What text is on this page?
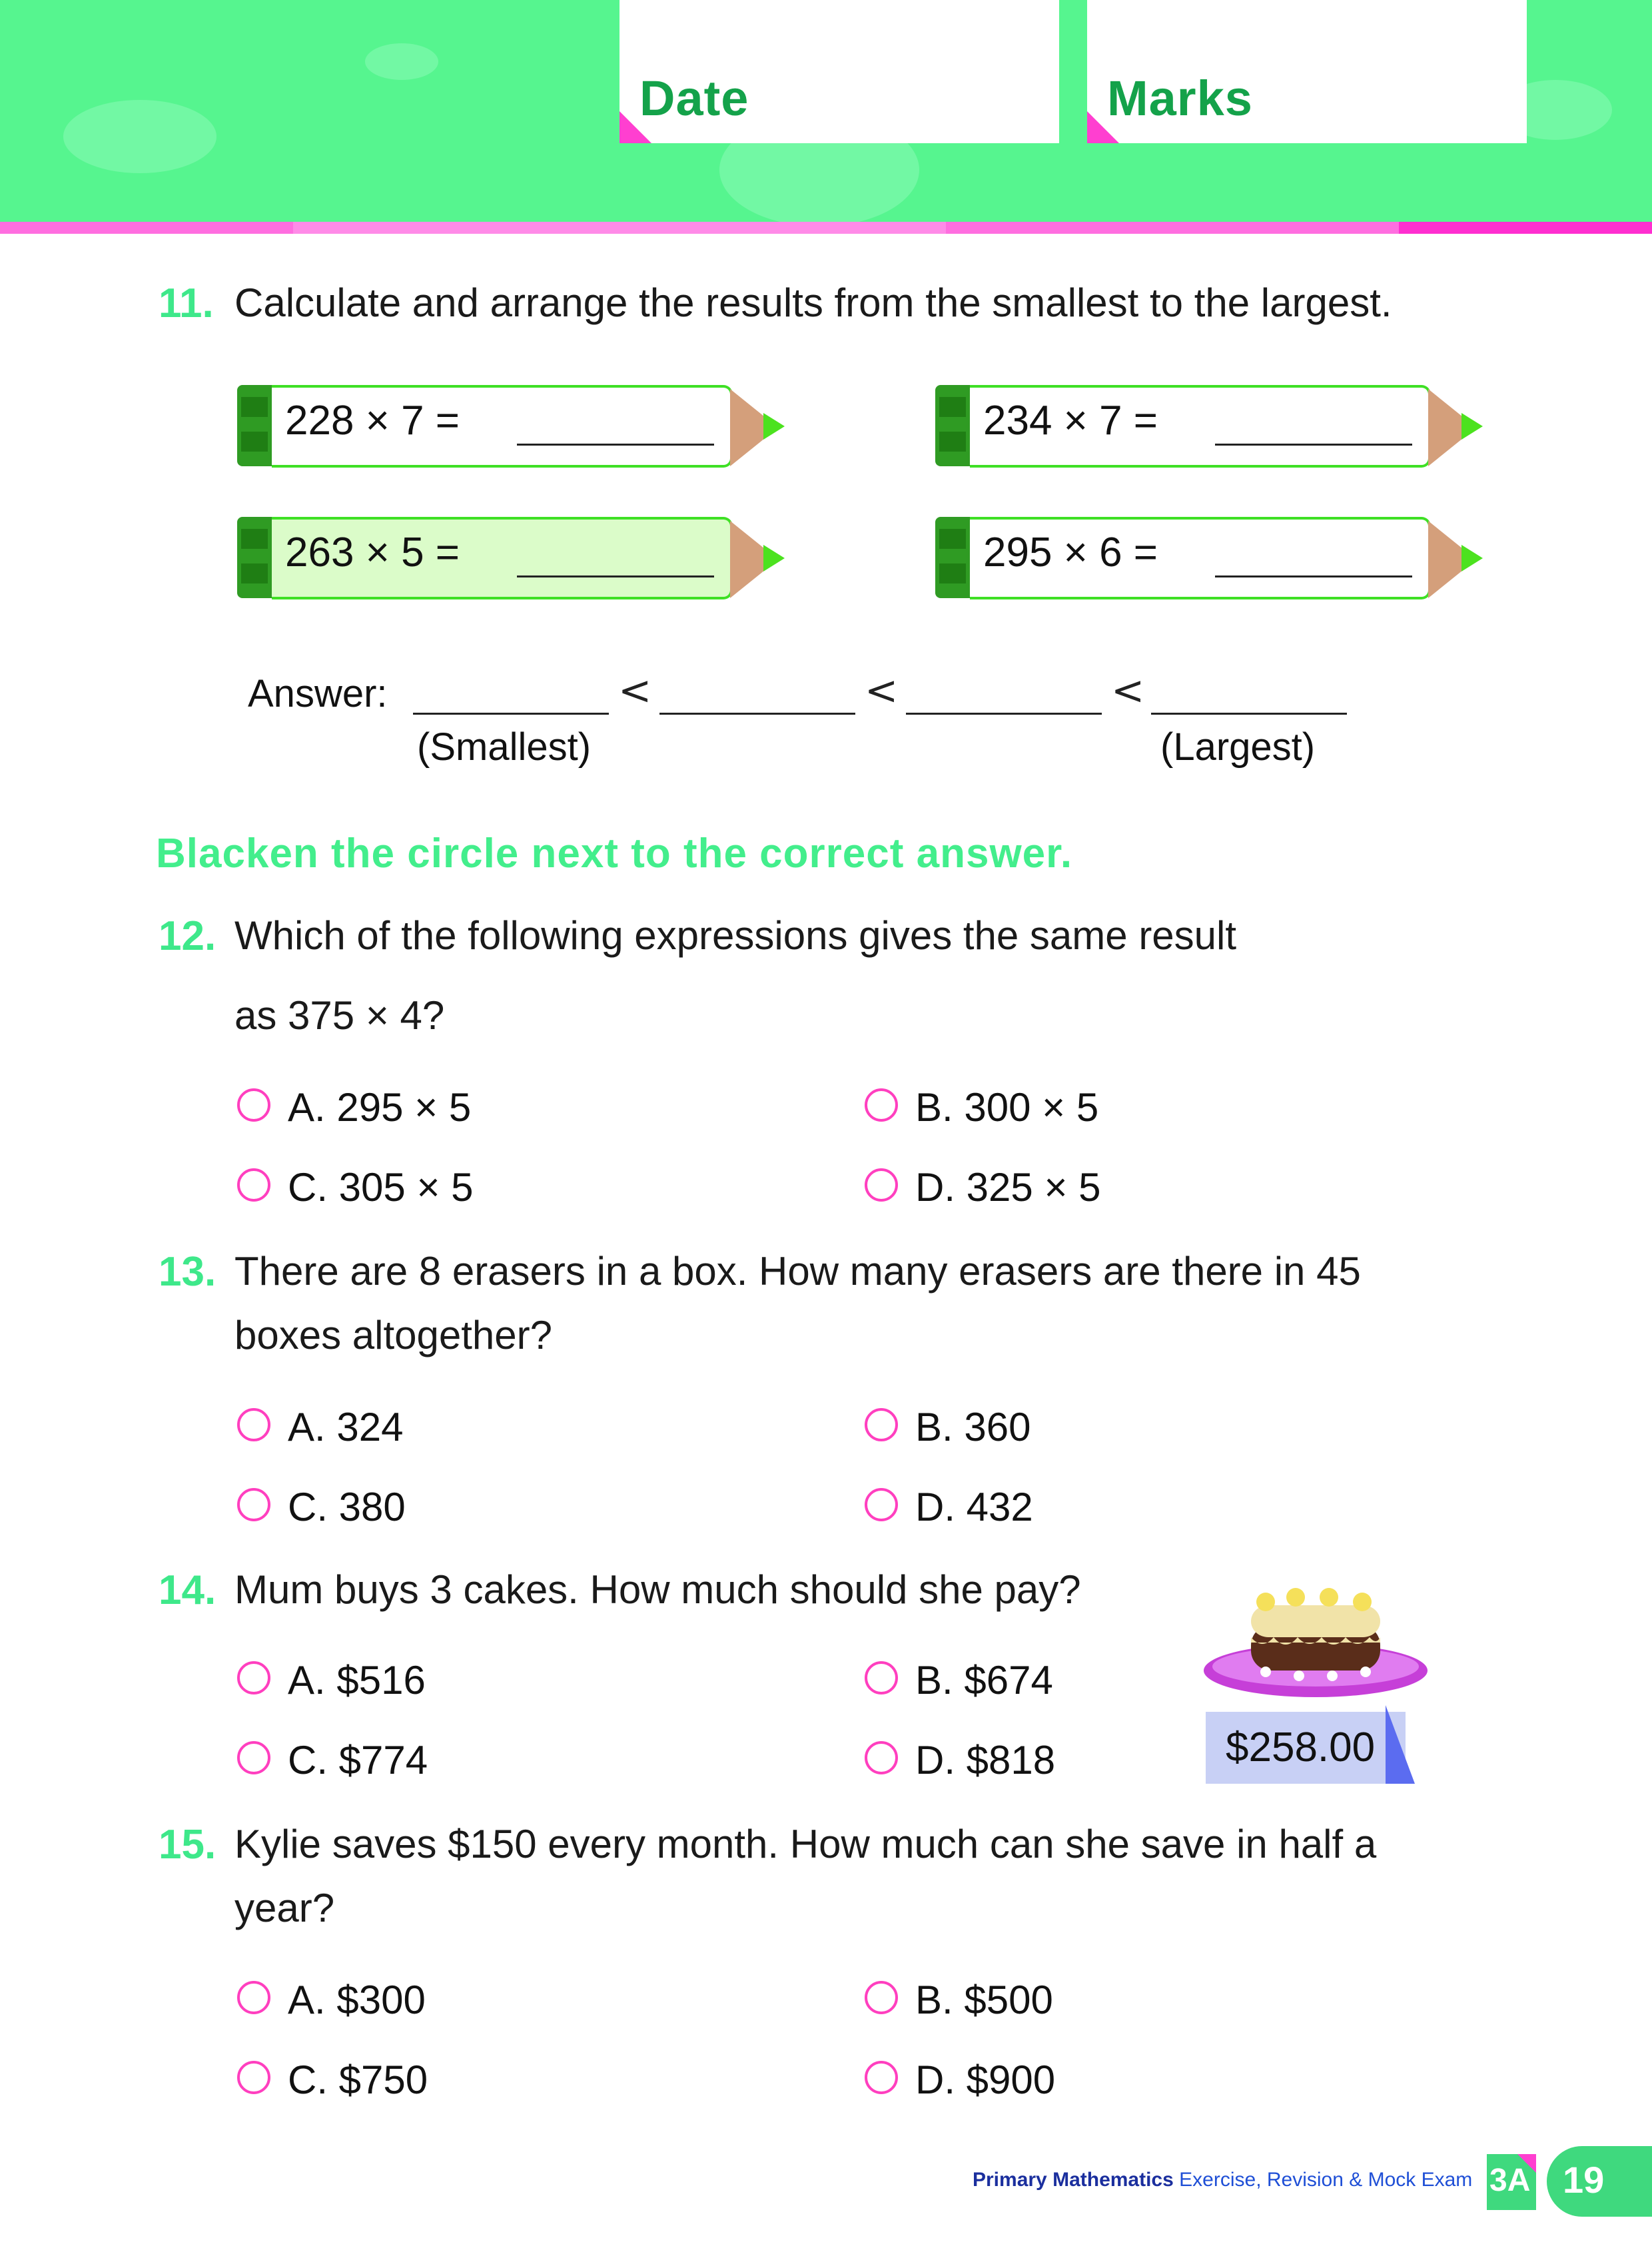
Date	Marks
11. Calculate and arrange the results from the smallest to the largest.
228 × 7 =	234 × 7 =
263 × 5 =	295 × 6 =
Answer:	<	<	<
(Smallest)	(Largest)
Blacken the circle next to the correct answer.
12. Which of the following expressions gives the same result
as 375 × 4?
A. 295 × 5	B. 300 × 5
C. 305 × 5	D. 325 × 5
13. There are 8 erasers in a box. How many erasers are there in 45
boxes altogether?
A. 324	B. 360
C. 380	D. 432
14. Mum buys 3 cakes. How much should she pay?
A. $516	B. $674
C. $774	D. $818	$258.00
15. Kylie saves $150 every month. How much can she save in half a
year?
A. $300	B. $500
C. $750	D. $900
Primary Mathematics Exercise, Revision & Mock Exam 3A 19
